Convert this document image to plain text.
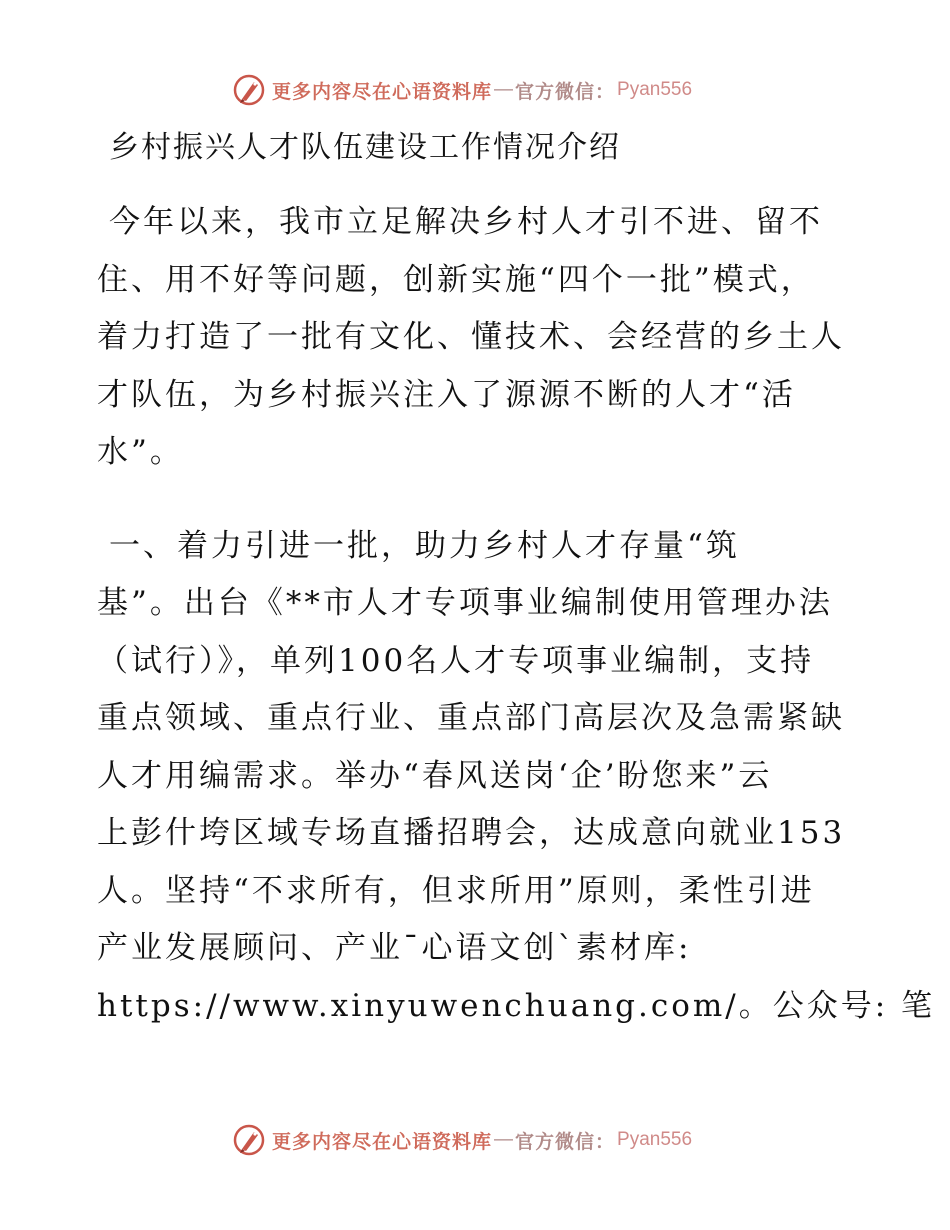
更多内容尽在心语资料库 — 官方微信： Pyan556
乡村振兴人才队伍建设工作情况介绍

今年以来，我市立足解决乡村人才引不进、留不
住、用不好等问题，创新实施“四个一批”模式，
着力打造了一批有文化、懂技术、会经营的乡土人
才队伍，为乡村振兴注入了源源不断的人才“活
水”。

一、着力引进一批，助力乡村人才存量“筑
基”。出台《**市人才专项事业编制使用管理办法
（试行）》，单列100名人才专项事业编制，支持
重点领域、重点行业、重点部门高层次及急需紧缺
人才用编需求。举办“春风送岗‘企’盼您来”云
上彭什垮区域专场直播招聘会，达成意向就业153
人。坚持“不求所有，但求所用”原则，柔性引进
产业发展顾问、产业¯心语文创`素材库:
https://www.xinyuwenchuang.com/。公众号: 笔

更多内容尽在心语资料库 — 官方微信： Pyan556
